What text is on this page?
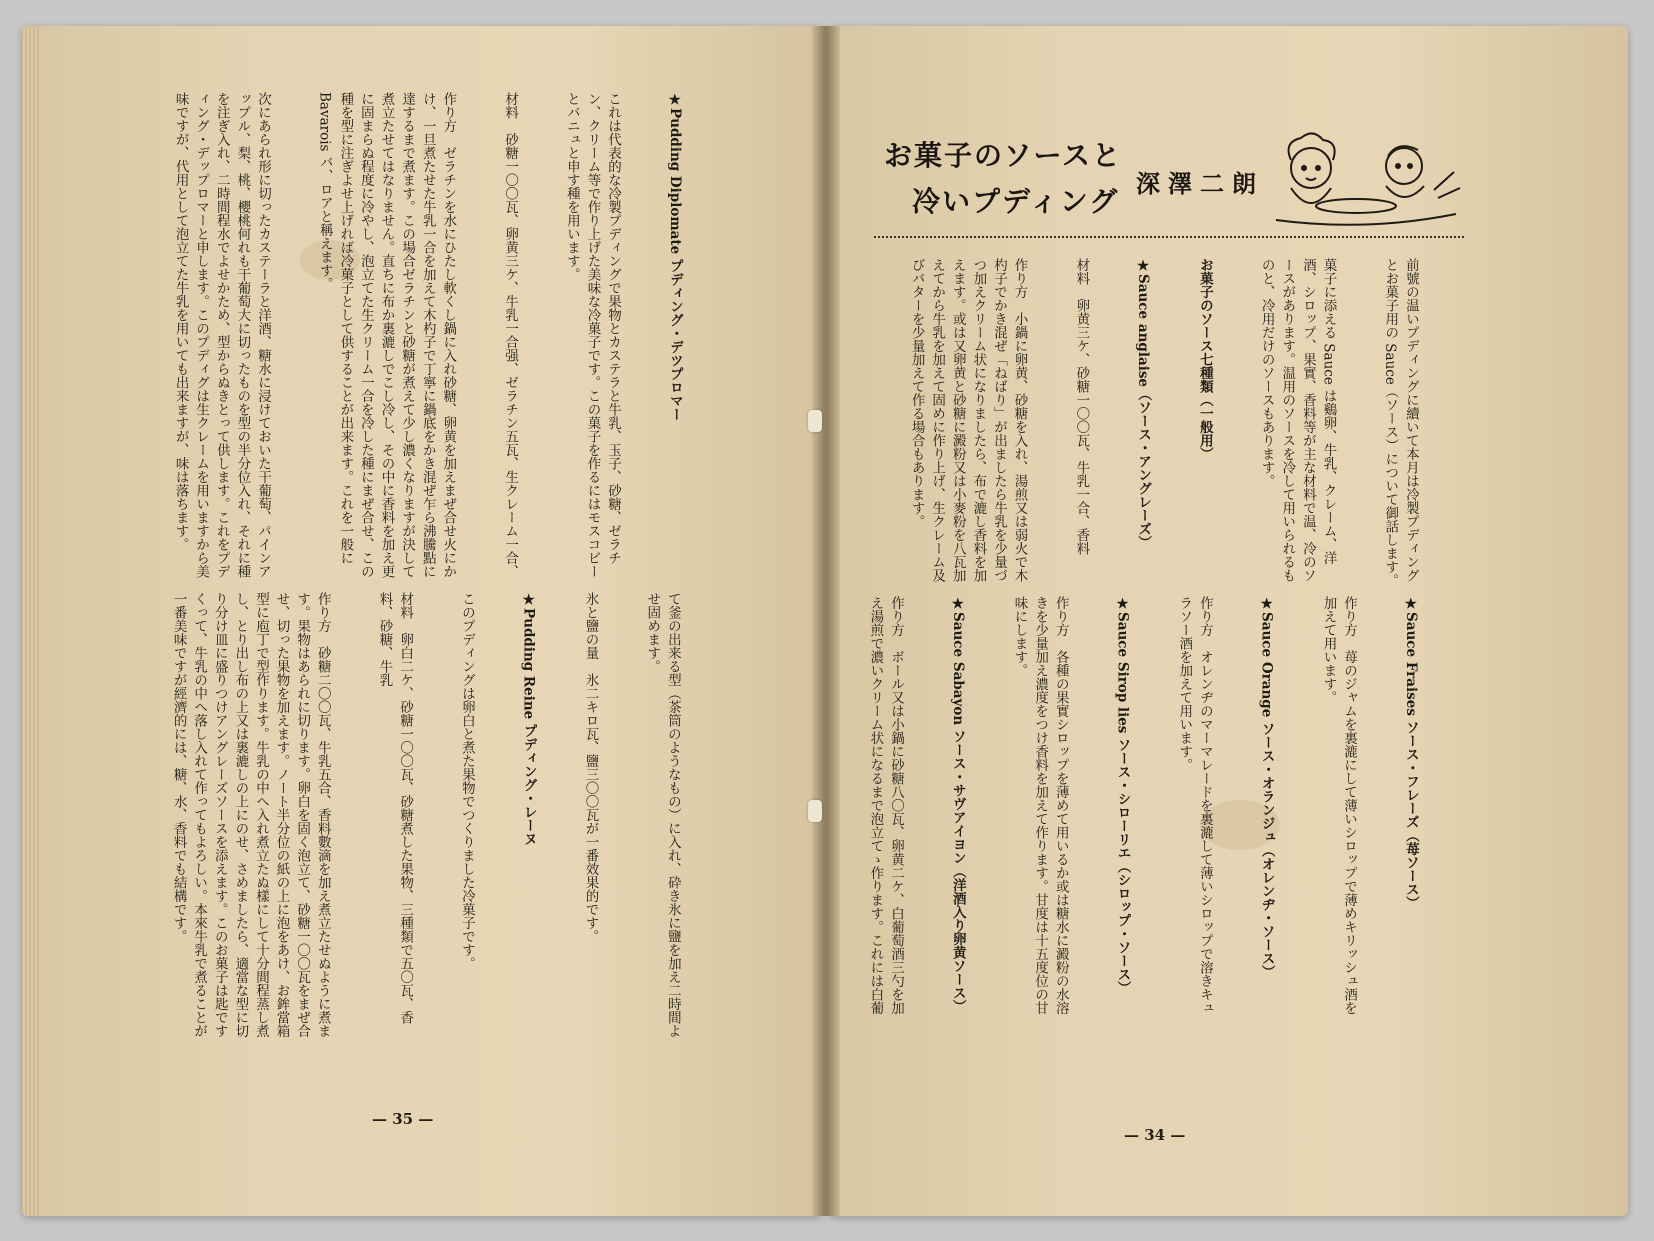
お菓子のソースと
冷いプディング
深澤二朗

前號の温いプディングに續いて本月は冷製プディングとお菓子用の Sauce（ソース）について御話します。

菓子に添える Sauce は鷄卵、牛乳、クレーム、洋酒、シロップ、果實、香料等が主な材料で温、冷のソースがあります。温用のソースを冷して用いられるものと、冷用だけのソースもあります。

お菓子のソース七種類（一般用）

★Sauce anglaise（ソース・アングレーズ）

材料　卵黄三ケ、砂糖一〇〇瓦、牛乳一合、香料

作り方　小鍋に卵黄、砂糖を入れ、湯煎又は弱火で木杓子でかき混ぜ「ねばり」が出ましたら牛乳を少量づつ加えクリーム状になりましたら、布で漉し香料を加えます。或は又卵黄と砂糖に澱粉又は小麥粉を八瓦加えてから牛乳を加えて固めに作り上げ、生クレーム及びバターを少量加えて作る場合もあります。

★Sauce Fraises ソース・フレーズ（苺ソース）

作り方　苺のジャムを裏漉にして薄いシロップで薄めキリッシュ酒を加えて用います。

★Sauce Orange ソース・オランジュ（オレンヂ・ソース）

作り方　オレンヂのマーマレードを裏漉して薄いシロップで溶きキュラソー酒を加えて用います。

★Sauce Sirop lies ソース・シローリエ（シロップ・ソース）

作り方　各種の果實シロップを薄めて用いるか或は糖水に澱粉の水溶きを少量加え濃度をつけ香料を加えて作ります。甘度は十五度位の甘味にします。

★Sauce Sabayon ソース・サヴアイヨン（洋酒入り卵黄ソース）

作り方　ボール又は小鍋に砂糖八〇瓦、卵黄二ケ、白葡萄酒三勺を加え湯煎で濃いクリーム状になるまで泡立てゝ作ります。これには白葡

★Pudding Diplomate プディング・デツプロマー

これは代表的な冷製プディングで果物とカステラと牛乳、玉子、砂糖、ゼラチン、クリーム等で作り上げた美味な冷菓子です。この菓子を作るにはモスコビーとバニュと申す種を用います。

材料　砂糖一〇〇瓦、卵黄三ケ、牛乳一合强、ゼラチン五瓦、生クレーム一合、

作り方　ゼラチンを水にひたし軟くし鍋に入れ砂糖、卵黄を加えまぜ合せ火にかけ、一旦煮たせた牛乳一合を加えて木杓子で丁寧に鍋底をかき混ぜ乍ら沸騰點に達するまで煮ます。この場合ゼラチンと砂糖が煮えて少し濃くなりますが決して煮立たせてはなりません。直ちに布か裏漉しでこし冷し、その中に香料を加え更に固まらぬ程度に冷やし、泡立てた生クリーム一合を冷した種にまぜ合せ、この種を型に注ぎよせ上げれば冷菓子として供することが出来ます。これを一般に Bavarois バ、ロアと稱えます。

次にあられ形に切ったカステーラと洋酒、糖水に浸けておいた干葡萄、パインアップル、梨、桃、櫻桃何れも干葡萄大に切ったものを型の半分位入れ、それに種を注ぎ入れ、二時間程水でよせかため、型からぬきとって供します。これをプディング・デップロマーと申します。このプディグは生クレームを用いますから美味ですが、代用として泡立てた牛乳を用いても出来ますが、味は落ちます。

て釜の出来る型（茶筒のようなもの）に入れ、砕き氷に鹽を加え二時間よせ固めます。

氷と鹽の量　氷二キロ瓦、鹽三〇〇瓦が一番效果的です。

★Pudding Reine プディング・レーヌ

このプディングは卵白と煮た果物でつくりました冷菓子です。

材料　卵白二ケ、砂糖一〇〇瓦、砂糖煮した果物、三種類で五〇瓦、香料、砂糖、牛乳

作り方　砂糖二〇〇瓦、牛乳五合、香料數滴を加え煮立たせぬように煮ます。果物はあられに切ります。卵白を固く泡立て、砂糖一〇〇瓦をまぜ合せ、切った果物を加えます。ノート半分位の紙の上に泡をあけ、お鉾當箱型に庖丁で型作ります。牛乳の中へ入れ煮立たぬ樣にして十分間程蒸し煮し、とり出し布の上又は裏漉しの上にのせ、さめましたら、適當な型に切り分け皿に盛りつけアングレーズソースを添えます。このお菓子は匙ですくって、牛乳の中へ落し入れて作ってもよろしい。本來牛乳で煮ることが一番美味ですが經濟的には、糖、水、香料でも結構です。

— 35 —
— 34 —
